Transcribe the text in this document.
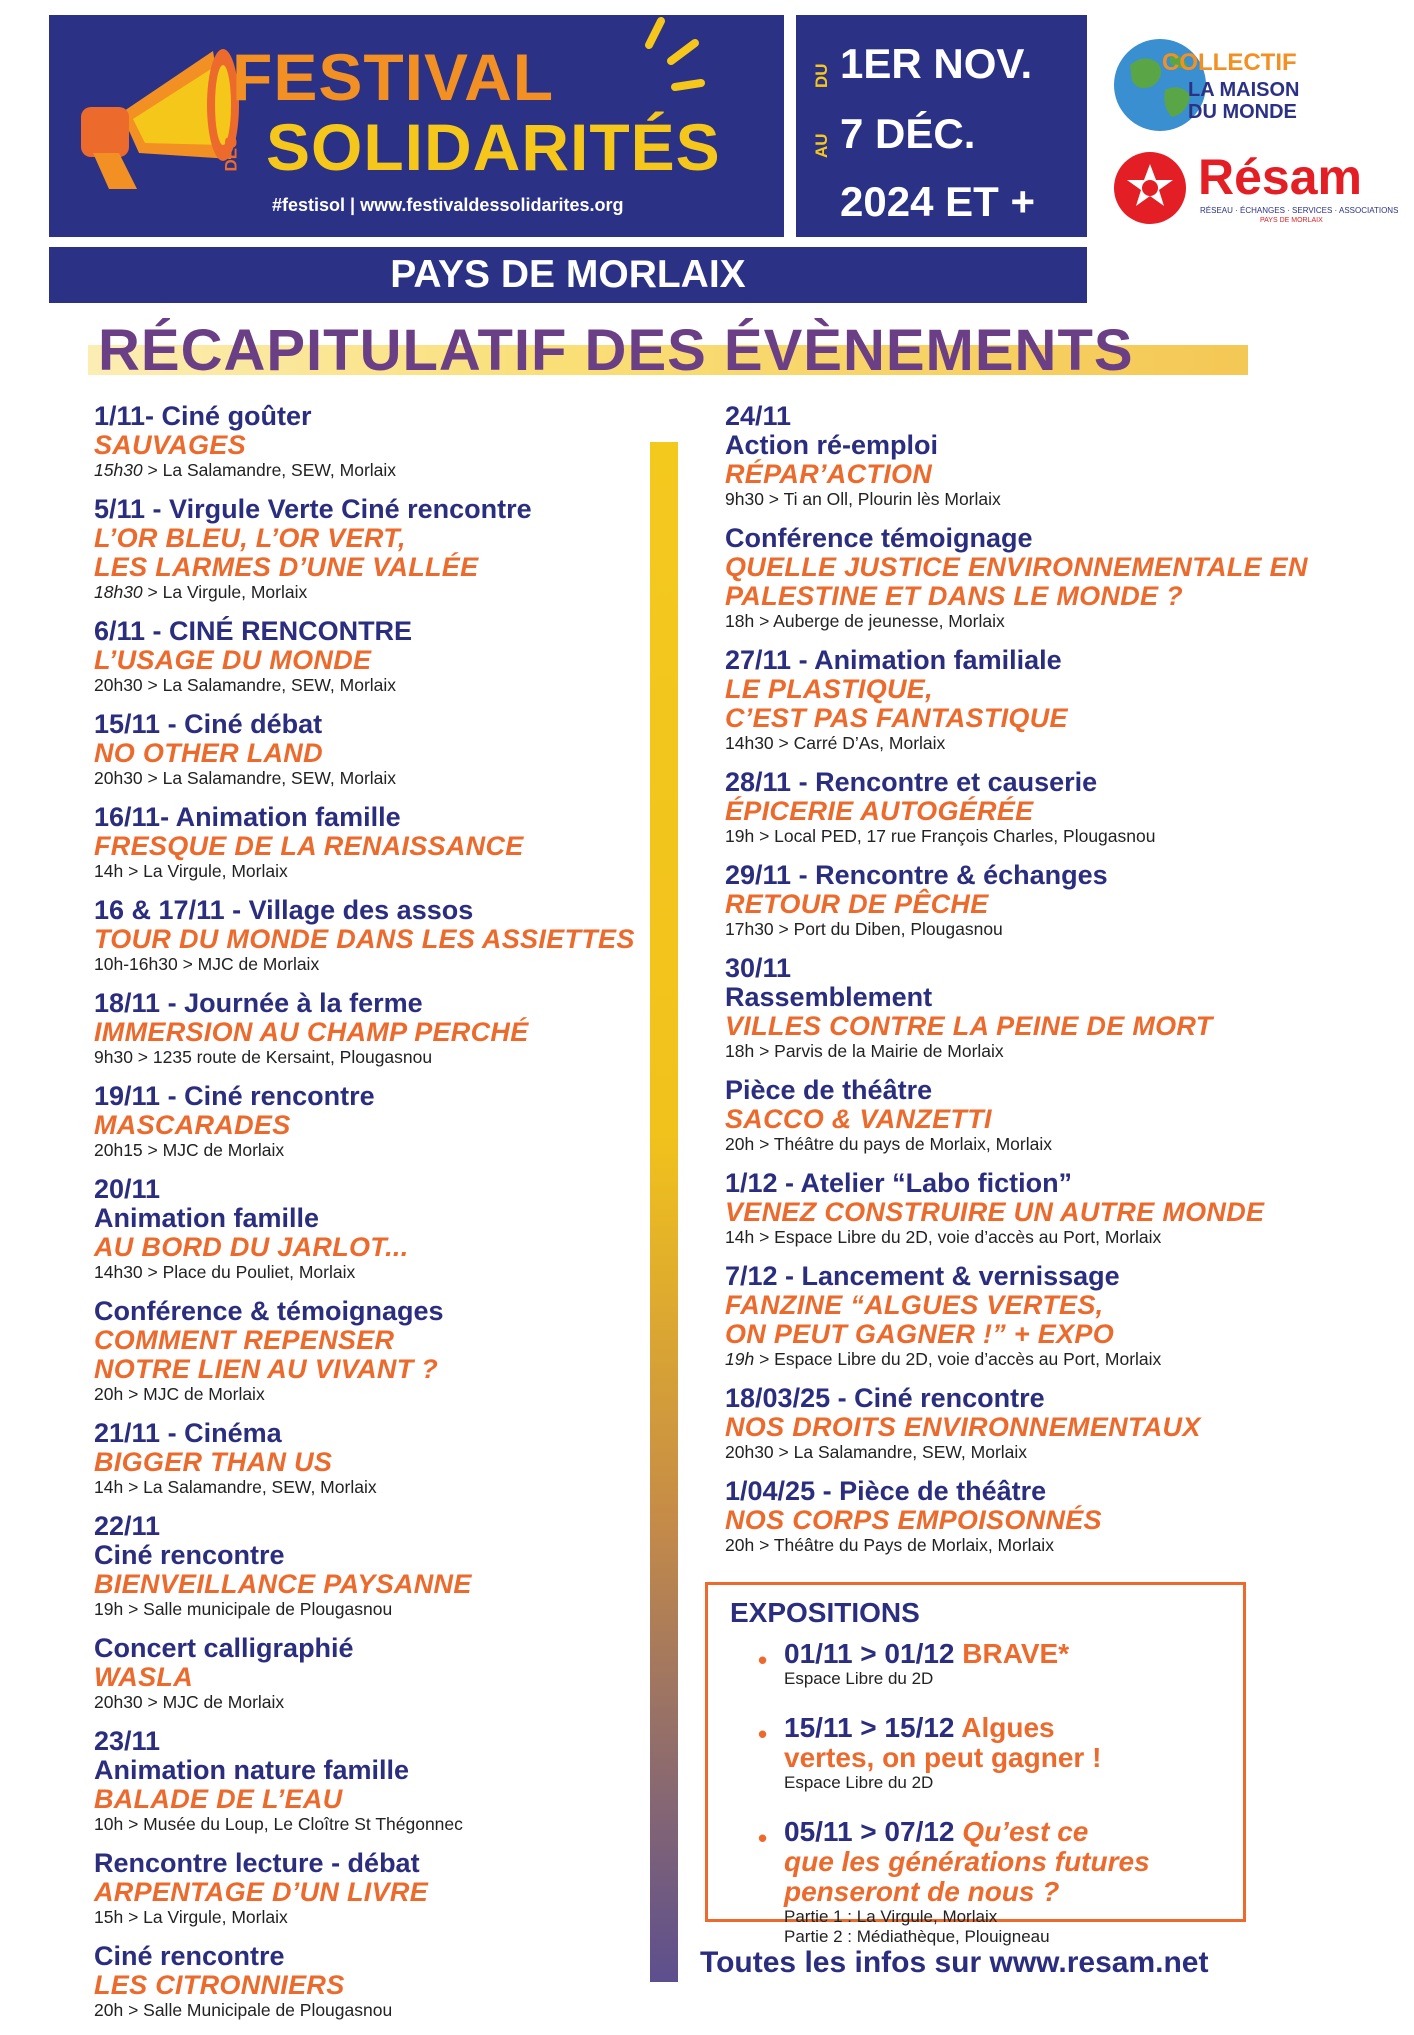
FESTIVAL
DES SOLIDARITÉS
#festisol | www.festivaldessolidarites.org
DU
AU
1ER NOV.
7 DÉC.
2024 ET +
PAYS DE MORLAIX
COLLECTIF
LA MAISON
DU MONDE
Résam
RÉSEAU · ÉCHANGES · SERVICES · ASSOCIATIONS
PAYS DE MORLAIX
RÉCAPITULATIF DES ÉVÈNEMENTS
1/11- Ciné goûter
SAUVAGES
15h30 > La Salamandre, SEW, Morlaix
5/11 - Virgule Verte Ciné rencontre
L’OR BLEU, L’OR VERT,
LES LARMES D’UNE VALLÉE
18h30 > La Virgule, Morlaix
6/11 - CINÉ RENCONTRE
L’USAGE DU MONDE
20h30 > La Salamandre, SEW, Morlaix
15/11 - Ciné débat
NO OTHER LAND
20h30 > La Salamandre, SEW, Morlaix
16/11- Animation famille
FRESQUE DE LA RENAISSANCE
14h > La Virgule, Morlaix
16 & 17/11 - Village des assos
TOUR DU MONDE DANS LES ASSIETTES
10h-16h30 > MJC de Morlaix
18/11 - Journée à la ferme
IMMERSION AU CHAMP PERCHÉ
9h30 > 1235 route de Kersaint, Plougasnou
19/11 - Ciné rencontre
MASCARADES
20h15 > MJC de Morlaix
20/11
Animation famille
AU BORD DU JARLOT...
14h30 > Place du Pouliet, Morlaix
Conférence & témoignages
COMMENT REPENSER
NOTRE LIEN AU VIVANT ?
20h > MJC de Morlaix
21/11 - Cinéma
BIGGER THAN US
14h > La Salamandre, SEW, Morlaix
22/11
Ciné rencontre
BIENVEILLANCE PAYSANNE
19h > Salle municipale de Plougasnou
Concert calligraphié
WASLA
20h30 > MJC de Morlaix
23/11
Animation nature famille
BALADE DE L’EAU
10h > Musée du Loup, Le Cloître St Thégonnec
Rencontre lecture - débat
ARPENTAGE D’UN LIVRE
15h > La Virgule, Morlaix
Ciné rencontre
LES CITRONNIERS
20h > Salle Municipale de Plougasnou
24/11
Action ré-emploi
RÉPAR’ACTION
9h30 > Ti an Oll, Plourin lès Morlaix
Conférence témoignage
QUELLE JUSTICE ENVIRONNEMENTALE EN
PALESTINE ET DANS LE MONDE ?
18h > Auberge de jeunesse, Morlaix
27/11 - Animation familiale
LE PLASTIQUE,
C’EST PAS FANTASTIQUE
14h30 > Carré D’As, Morlaix
28/11 - Rencontre et causerie
ÉPICERIE AUTOGÉRÉE
19h > Local PED, 17 rue François Charles, Plougasnou
29/11 - Rencontre & échanges
RETOUR DE PÊCHE
17h30 > Port du Diben, Plougasnou
30/11
Rassemblement
VILLES CONTRE LA PEINE DE MORT
18h > Parvis de la Mairie de Morlaix
Pièce de théâtre
SACCO & VANZETTI
20h > Théâtre du pays de Morlaix, Morlaix
1/12 - Atelier “Labo fiction”
VENEZ CONSTRUIRE UN AUTRE MONDE
14h > Espace Libre du 2D, voie d’accès au Port, Morlaix
7/12 - Lancement & vernissage
FANZINE “ALGUES VERTES,
ON PEUT GAGNER !” + EXPO
19h > Espace Libre du 2D, voie d’accès au Port, Morlaix
18/03/25 - Ciné rencontre
NOS DROITS ENVIRONNEMENTAUX
20h30 > La Salamandre, SEW, Morlaix
1/04/25 - Pièce de théâtre
NOS CORPS EMPOISONNÉS
20h > Théâtre du Pays de Morlaix, Morlaix
EXPOSITIONS
• 01/11 > 01/12 BRAVE*
Espace Libre du 2D
• 15/11 > 15/12 Algues
vertes, on peut gagner !
Espace Libre du 2D
• 05/11 > 07/12 Qu’est ce
que les générations futures
penseront de nous ?
Partie 1 : La Virgule, Morlaix
Partie 2 : Médiathèque, Plouigneau
Toutes les infos sur www.resam.net
